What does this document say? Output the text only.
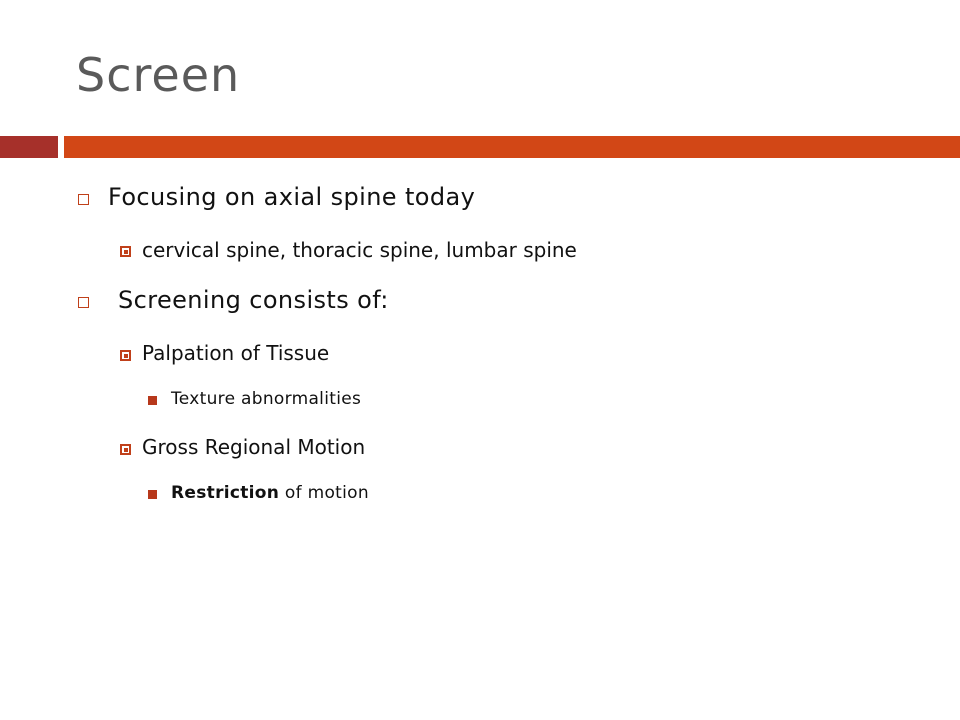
Screen
Focusing on axial spine today
cervical spine, thoracic spine, lumbar spine
Screening consists of:
Palpation of Tissue
Texture abnormalities
Gross Regional Motion
Restriction of motion
